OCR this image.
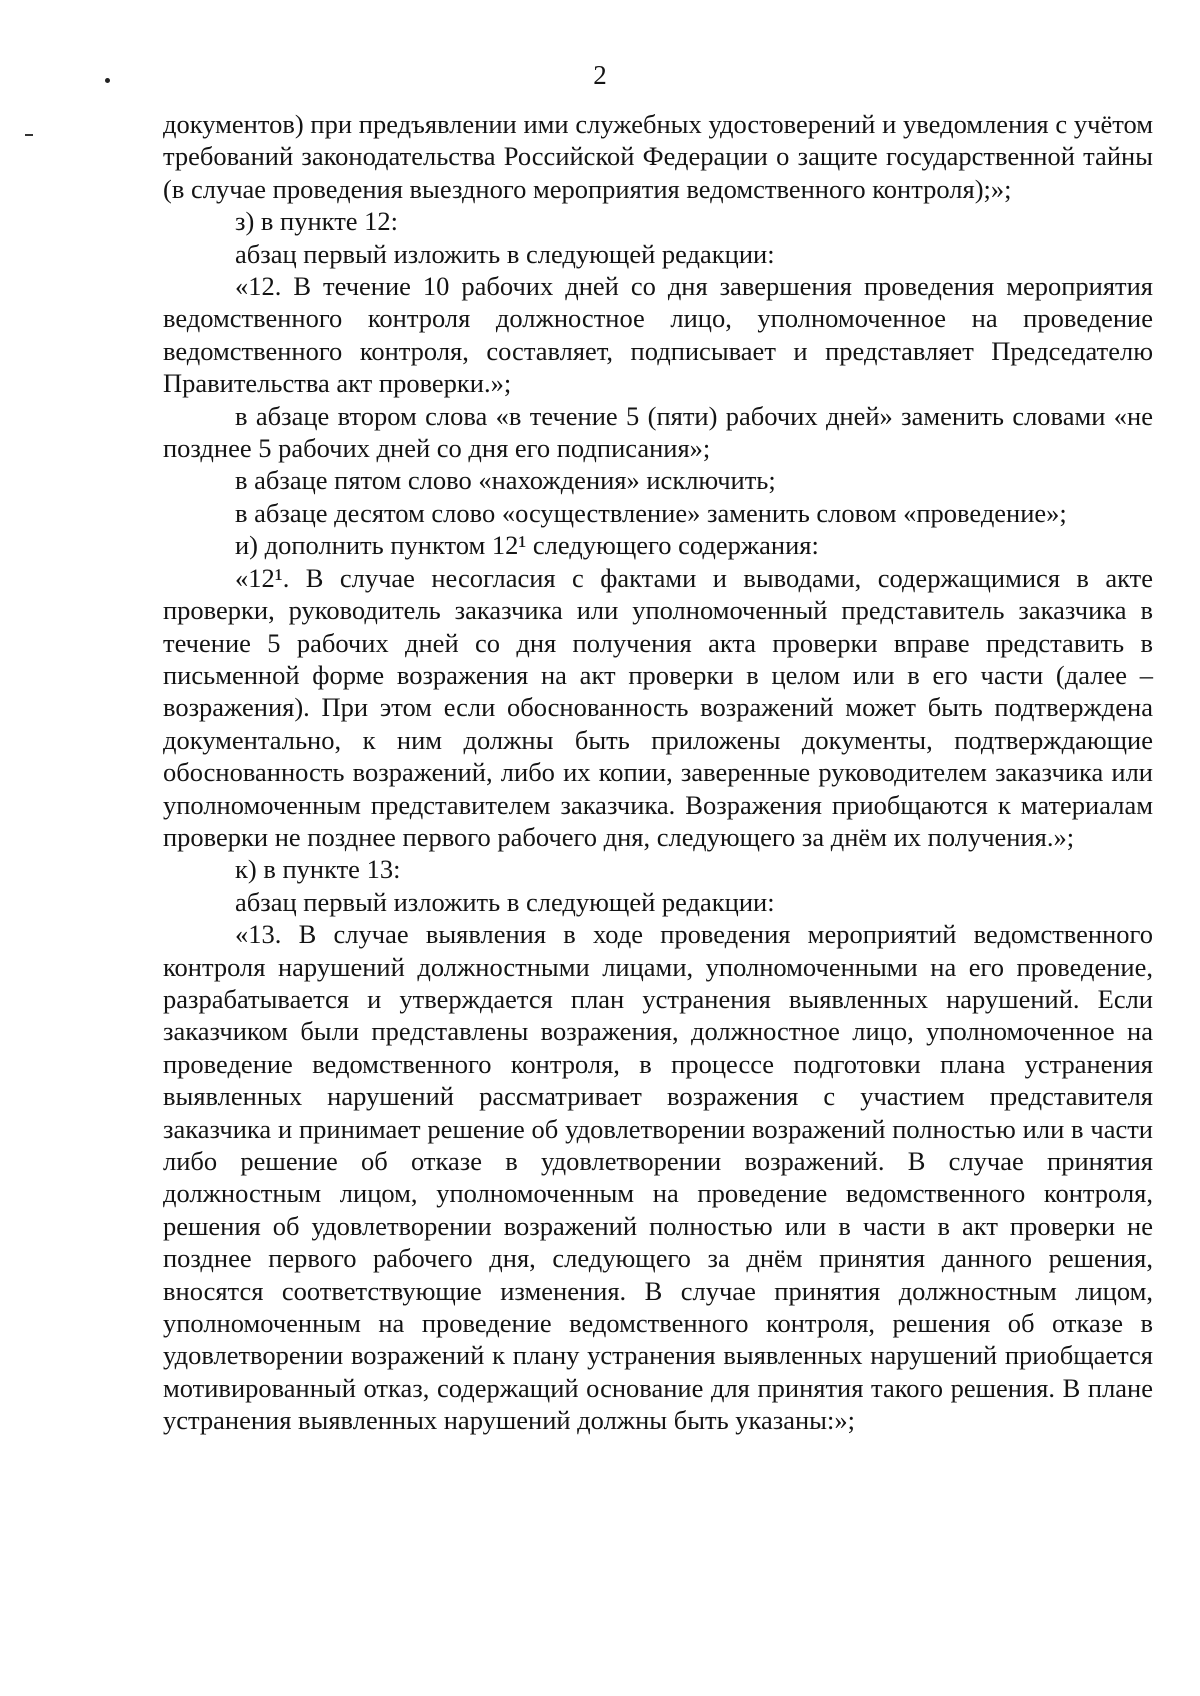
2

документов) при предъявлении ими служебных удостоверений и уведомления с учётом требований законодательства Российской Федерации о защите государственной тайны (в случае проведения выездного мероприятия ведомственного контроля);»;

з) в пункте 12:

абзац первый изложить в следующей редакции:

«12. В течение 10 рабочих дней со дня завершения проведения мероприятия ведомственного контроля должностное лицо, уполномоченное на проведение ведомственного контроля, составляет, подписывает и представляет Председателю Правительства акт проверки.»;

в абзаце втором слова «в течение 5 (пяти) рабочих дней» заменить словами «не позднее 5 рабочих дней со дня его подписания»;

в абзаце пятом слово «нахождения» исключить;

в абзаце десятом слово «осуществление» заменить словом «проведение»;

и) дополнить пунктом 12¹ следующего содержания:

«12¹. В случае несогласия с фактами и выводами, содержащимися в акте проверки, руководитель заказчика или уполномоченный представитель заказчика в течение 5 рабочих дней со дня получения акта проверки вправе представить в письменной форме возражения на акт проверки в целом или в его части (далее – возражения). При этом если обоснованность возражений может быть подтверждена документально, к ним должны быть приложены документы, подтверждающие обоснованность возражений, либо их копии, заверенные руководителем заказчика или уполномоченным представителем заказчика. Возражения приобщаются к материалам проверки не позднее первого рабочего дня, следующего за днём их получения.»;

к) в пункте 13:

абзац первый изложить в следующей редакции:

«13. В случае выявления в ходе проведения мероприятий ведомственного контроля нарушений должностными лицами, уполномоченными на его проведение, разрабатывается и утверждается план устранения выявленных нарушений. Если заказчиком были представлены возражения, должностное лицо, уполномоченное на проведение ведомственного контроля, в процессе подготовки плана устранения выявленных нарушений рассматривает возражения с участием представителя заказчика и принимает решение об удовлетворении возражений полностью или в части либо решение об отказе в удовлетворении возражений. В случае принятия должностным лицом, уполномоченным на проведение ведомственного контроля, решения об удовлетворении возражений полностью или в части в акт проверки не позднее первого рабочего дня, следующего за днём принятия данного решения, вносятся соответствующие изменения. В случае принятия должностным лицом, уполномоченным на проведение ведомственного контроля, решения об отказе в удовлетворении возражений к плану устранения выявленных нарушений приобщается мотивированный отказ, содержащий основание для принятия такого решения. В плане устранения выявленных нарушений должны быть указаны:»;
